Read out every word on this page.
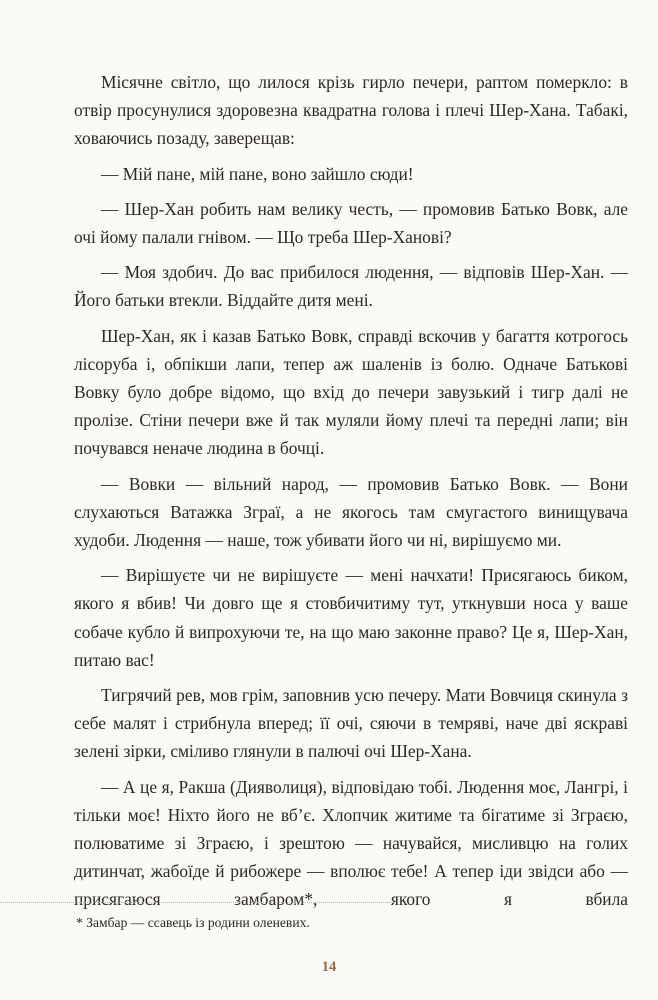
Місячне світло, що лилося крізь гирло печери, раптом померкло: в отвір просунулися здоровезна квадратна голова і плечі Шер-Хана. Табакі, ховаючись позаду, заверещав:

— Мій пане, мій пане, воно зайшло сюди!

— Шер-Хан робить нам велику честь, — промовив Батько Вовк, але очі йому палали гнівом. — Що треба Шер-Ханові?

— Моя здобич. До вас прибилося людення, — відповів Шер-Хан. — Його батьки втекли. Віддайте дитя мені.

Шер-Хан, як і казав Батько Вовк, справді вскочив у багаття котрогось лісоруба і, обпікши лапи, тепер аж шаленів із болю. Одначе Батькові Вовку було добре відомо, що вхід до печери завузький і тигр далі не пролізе. Стіни печери вже й так муляли йому плечі та передні лапи; він почувався неначе людина в бочці.

— Вовки — вільний народ, — промовив Батько Вовк. — Вони слухаються Ватажка Зграї, а не якогось там смугастого винищувача худоби. Людення — наше, тож убивати його чи ні, вирішуємо ми.

— Вирішуєте чи не вирішуєте — мені начхати! Присягаюсь биком, якого я вбив! Чи довго ще я стовбичитиму тут, уткнувши носа у ваше собаче кубло й випрохуючи те, на що маю законне право? Це я, Шер-Хан, питаю вас!

Тигрячий рев, мов грім, заповнив усю печеру. Мати Вовчиця скинула з себе малят і стрибнула вперед; її очі, сяючи в темряві, наче дві яскраві зелені зірки, сміливо глянули в палючі очі Шер-Хана.

— А це я, Ракша (Дияволиця), відповідаю тобі. Людення моє, Лангрі, і тільки моє! Ніхто його не вб’є. Хлопчик житиме та бігатиме зі Зграєю, полюватиме зі Зграєю, і зрештою — начувайся, мисливцю на голих дитинчат, жабоїде й рибожере — вполює тебе! А тепер іди звідси або — присягаюся замбаром*, якого я вбила

* Замбар — ссавець із родини оленевих.
14
